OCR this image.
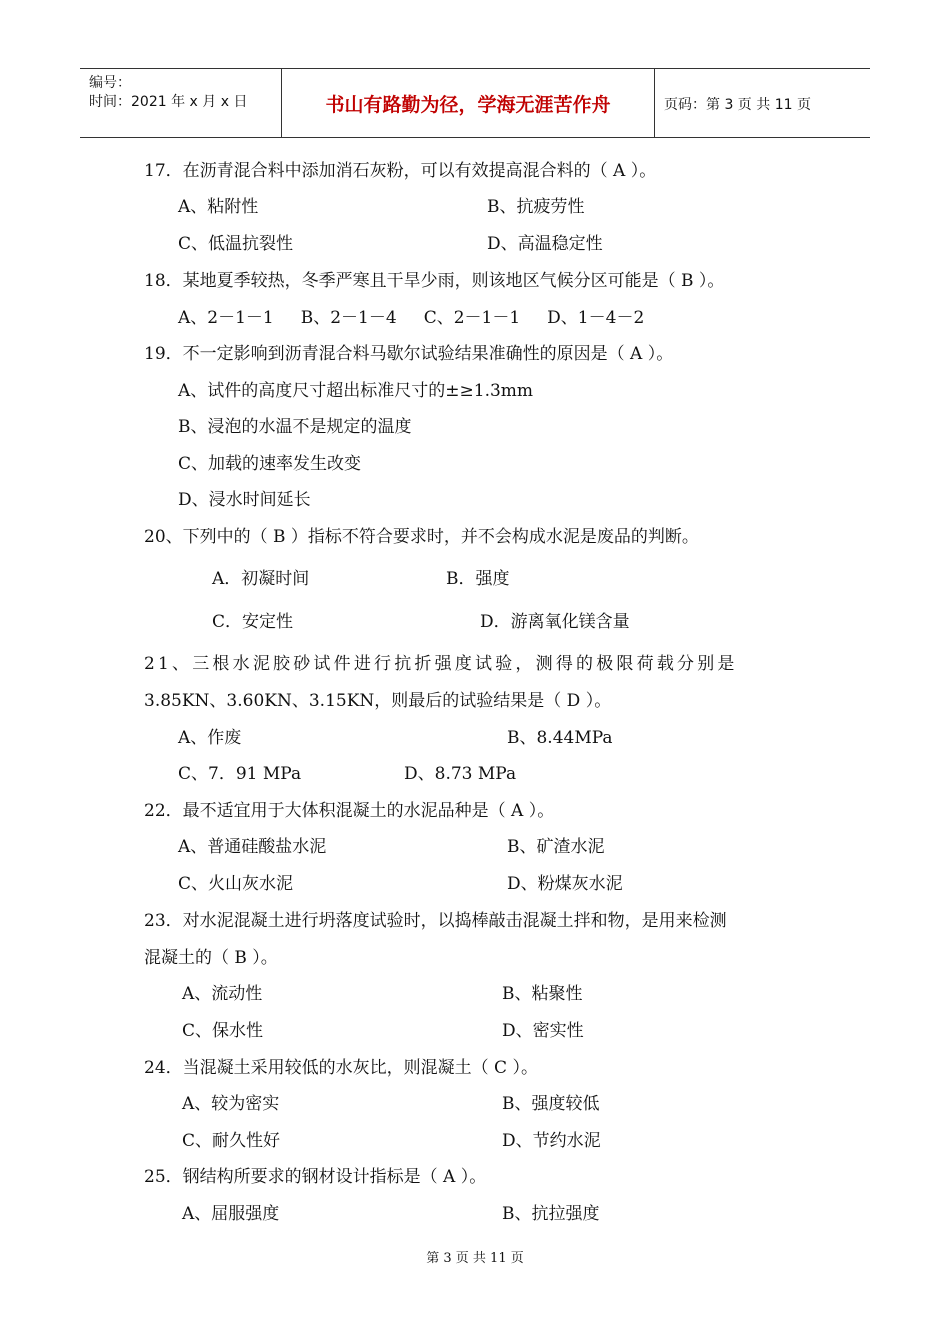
编号：
时间：2021 年 x 月 x 日	书山有路勤为径，学海无涯苦作舟	页码：第 3 页 共 11 页
17．在沥青混合料中添加消石灰粉，可以有效提高混合料的（ A ）。
A、粘附性	B、抗疲劳性
C、低温抗裂性	D、高温稳定性
18．某地夏季较热，冬季严寒且干旱少雨，则该地区气候分区可能是（ B ）。
A、2－1－1     B、2－1－4     C、2－1－1     D、1－4－2
19．不一定影响到沥青混合料马歇尔试验结果准确性的原因是（ A ）。
A、试件的高度尺寸超出标准尺寸的±≥1.3mm
B、浸泡的水温不是规定的温度
C、加载的速率发生改变
D、浸水时间延长
20、下列中的（ B ）指标不符合要求时，并不会构成水泥是废品的判断。
A．初凝时间	B．强度
C．安定性	D．游离氧化镁含量
21、三根水泥胶砂试件进行抗折强度试验，测得的极限荷载分别是
3.85KN、3.60KN、3.15KN，则最后的试验结果是（ D ）。
A、作废	B、8.44MPa
C、7．91 MPa	D、8.73 MPa
22．最不适宜用于大体积混凝土的水泥品种是（ A ）。
A、普通硅酸盐水泥	B、矿渣水泥
C、火山灰水泥	D、粉煤灰水泥
23．对水泥混凝土进行坍落度试验时，以捣棒敲击混凝土拌和物，是用来检测
混凝土的（ B ）。
A、流动性	B、粘聚性
C、保水性	D、密实性
24．当混凝土采用较低的水灰比，则混凝土（ C ）。
A、较为密实	B、强度较低
C、耐久性好	D、节约水泥
25．钢结构所要求的钢材设计指标是（ A ）。
A、屈服强度	B、抗拉强度
第 3 页 共 11 页
